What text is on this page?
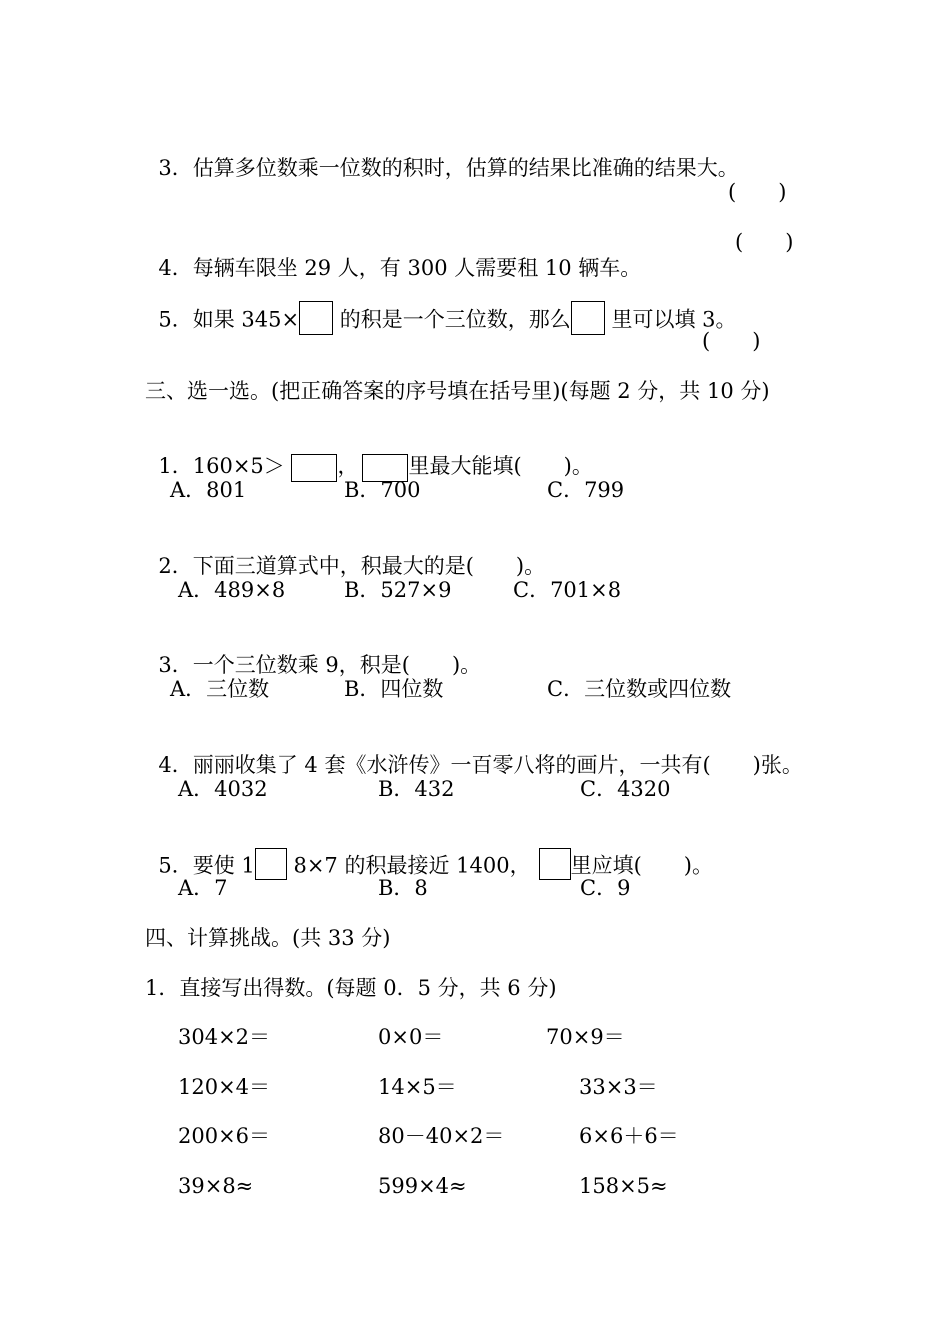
3．估算多位数乘一位数的积时，估算的结果比准确的结果大。

(　　)

4．每辆车限坐 29 人，有 300 人需要租 10 辆车。

(　　)

5．如果 345× 的积是一个三位数，那么 里可以填 3。

(　　)
三、选一选。(把正确答案的序号填在括号里)(每题 2 分，共 10 分)

1．160×5＞ ， 里最大能填(　　)。

A．801	B．700	C．799

2．下面三道算式中，积最大的是(　　)。

A．489×8	B．527×9	C．701×8

3．一个三位数乘 9，积是(　　)。

A．三位数	B．四位数	C．三位数或四位数

4．丽丽收集了 4 套《水浒传》一百零八将的画片，一共有(　　)张。

A．4032	B．432	C．4320

5．要使 1 8×7 的积最接近 1400， 里应填(　　)。

A．7	B．8	C．9
四、计算挑战。(共 33 分)
1．直接写出得数。(每题 0．5 分，共 6 分)
304×2＝	0×0＝	70×9＝
120×4＝	14×5＝	33×3＝
200×6＝	80－40×2＝	6×6＋6＝
39×8≈	599×4≈	158×5≈
